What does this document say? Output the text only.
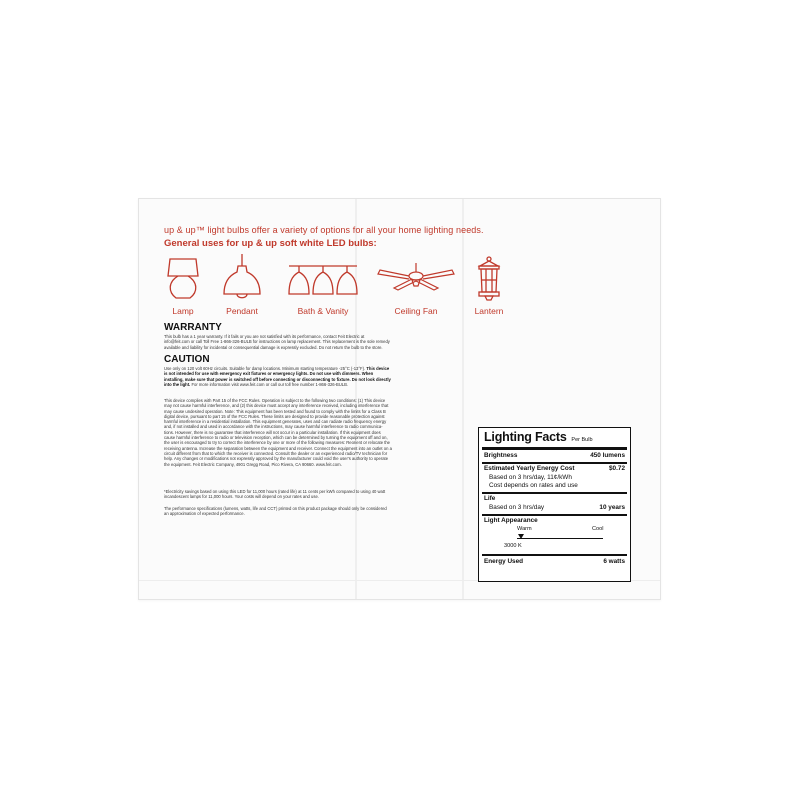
up & up™ light bulbs offer a variety of options for all your home lighting needs.
General uses for up & up soft white LED bulbs:
Lamp	Pendant	Bath & Vanity	Ceiling Fan	Lantern
WARRANTY
This bulb has a 1 year warranty. If it fails or you are not satisfied with its performance, contact Feit Electric at
info@feit.com or call Toll Free 1-866-326-BULB for instructions on lamp replacement. This replacement is the sole remedy
available and liability for incidental or consequential damage is expressly excluded. Do not return the bulb to the store.
CAUTION
Use only on 120 volt 60Hz circuits. Suitable for damp locations. Minimum starting temperature -25°C (-13°F). This device
is not intended for use with emergency exit fixtures or emergency lights. Do not use with dimmers. When
installing, make sure that power is switched off before connecting or disconnecting to fixture. Do not look directly
into the light. For more information visit www.feit.com or call our toll free number 1-866-326-BULB.
This device complies with Part 15 of the FCC Rules. Operation is subject to the following two conditions: (1) This device
may not cause harmful interference, and (2) this device must accept any interference received, including interference that
may cause undesired operation. Note: This equipment has been tested and found to comply with the limits for a Class B
digital device, pursuant to part 15 of the FCC Rules. These limits are designed to provide reasonable protection against
harmful interference in a residential installation. This equipment generates, uses and can radiate radio frequency energy
and, if not installed and used in accordance with the instructions, may cause harmful interference to radio communica-
tions. However, there is no guarantee that interference will not occur in a particular installation. If this equipment does
cause harmful interference to radio or television reception, which can be determined by turning the equipment off and on,
the user is encouraged to try to correct the interference by one or more of the following measures: Reorient or relocate the
receiving antenna. Increase the separation between the equipment and receiver. Connect the equipment into an outlet on a
circuit different from that to which the receiver is connected. Consult the dealer or an experienced radio/TV technician for
help. Any changes or modifications not expressly approved by the manufacturer could void the user's authority to operate
the equipment. Feit Electric Company, 4901 Gregg Road, Pico Rivera, CA 90660. www.feit.com.
*Electricity savings based on using this LED for 11,000 hours (rated life) at 11 cents per kWh compared to using 40 watt
incandescent lamps for 11,000 hours. Your costs will depend on your rates and use.
The performance specifications (lumens, watts, life and CCT) printed on this product package should only be considered
an approximation of expected performance.
Lighting Facts Per Bulb
Brightness	450 lumens
Estimated Yearly Energy Cost	$0.72
Based on 3 hrs/day, 11¢/kWh
Cost depends on rates and use
Life
Based on 3 hrs/day	10 years
Light Appearance
Warm	Cool
3000 K
Energy Used	6 watts
